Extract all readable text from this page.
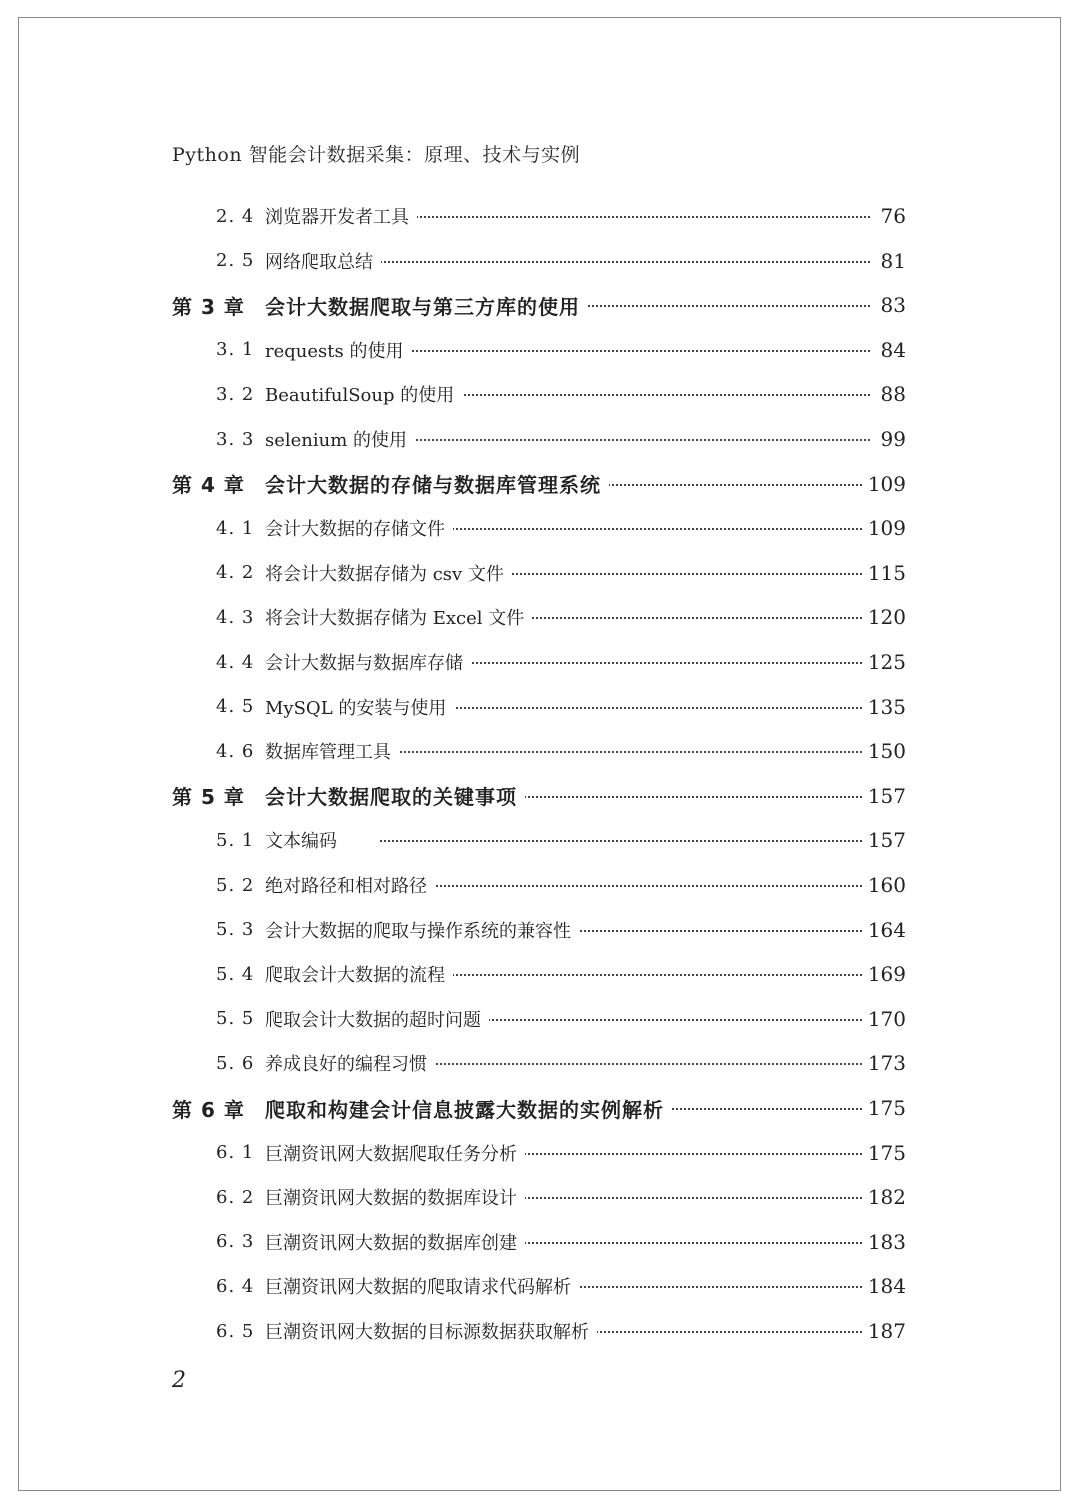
Python 智能会计数据采集：原理、技术与实例
2. 4 浏览器开发者工具	76
2. 5 网络爬取总结	81
第 3 章 会计大数据爬取与第三方库的使用	83
3. 1 requests 的使用	84
3. 2 BeautifulSoup 的使用	88
3. 3 selenium 的使用	99
第 4 章 会计大数据的存储与数据库管理系统	109
4. 1 会计大数据的存储文件	109
4. 2 将会计大数据存储为 csv 文件	115
4. 3 将会计大数据存储为 Excel 文件	120
4. 4 会计大数据与数据库存储	125
4. 5 MySQL 的安装与使用	135
4. 6 数据库管理工具	150
第 5 章 会计大数据爬取的关键事项	157
5. 1 文本编码	157
5. 2 绝对路径和相对路径	160
5. 3 会计大数据的爬取与操作系统的兼容性	164
5. 4 爬取会计大数据的流程	169
5. 5 爬取会计大数据的超时问题	170
5. 6 养成良好的编程习惯	173
第 6 章 爬取和构建会计信息披露大数据的实例解析	175
6. 1 巨潮资讯网大数据爬取任务分析	175
6. 2 巨潮资讯网大数据的数据库设计	182
6. 3 巨潮资讯网大数据的数据库创建	183
6. 4 巨潮资讯网大数据的爬取请求代码解析	184
6. 5 巨潮资讯网大数据的目标源数据获取解析	187
2
